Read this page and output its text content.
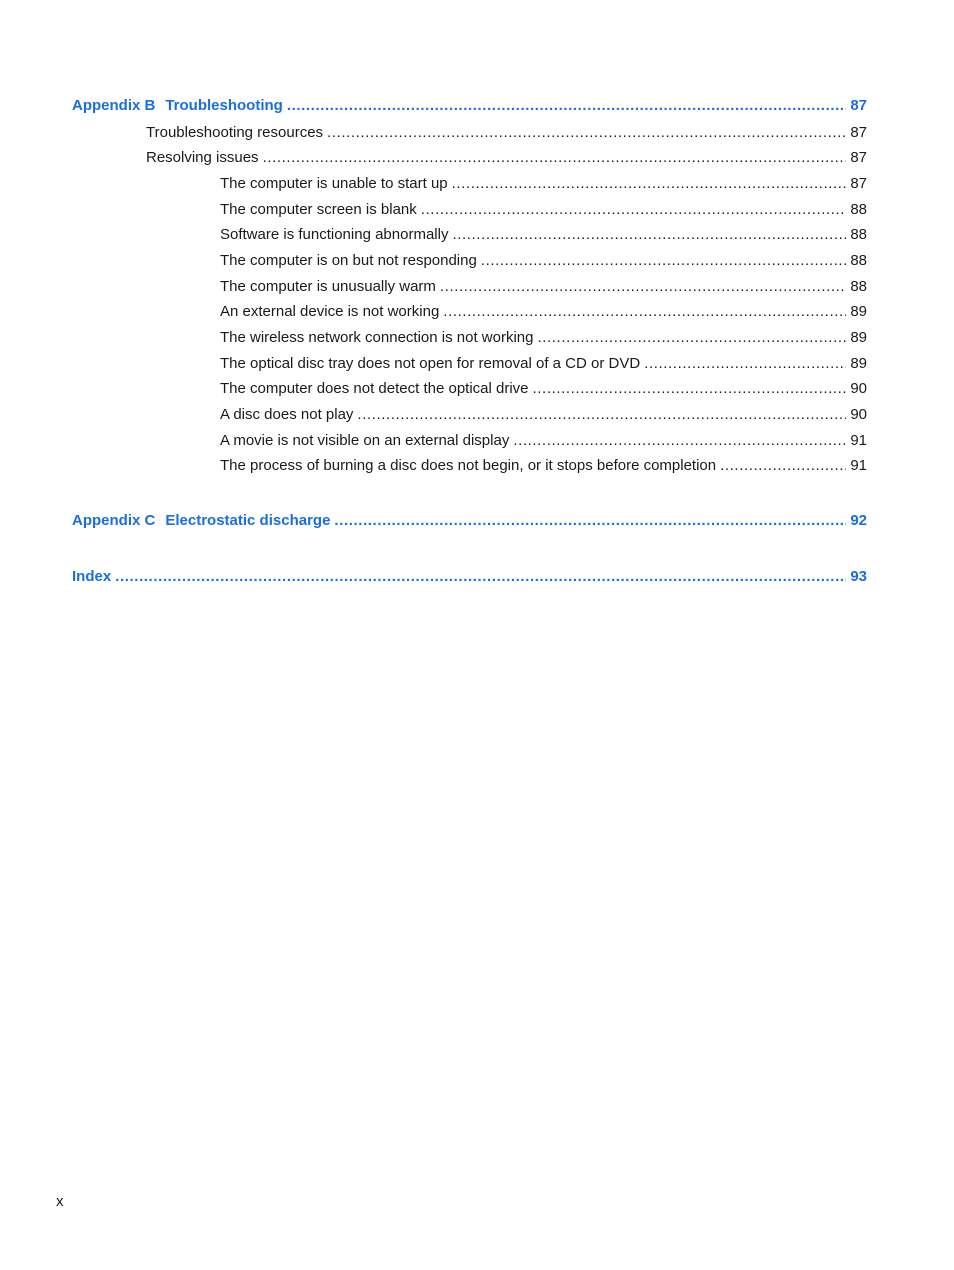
Appendix B Troubleshooting .....	87
Troubleshooting resources .....	87
Resolving issues .....	87
The computer is unable to start up .....	87
The computer screen is blank .....	88
Software is functioning abnormally .....	88
The computer is on but not responding .....	88
The computer is unusually warm .....	88
An external device is not working .....	89
The wireless network connection is not working .....	89
The optical disc tray does not open for removal of a CD or DVD .....	89
The computer does not detect the optical drive .....	90
A disc does not play .....	90
A movie is not visible on an external display .....	91
The process of burning a disc does not begin, or it stops before completion .....	91
Appendix C Electrostatic discharge .....	92
Index .....	93
x
